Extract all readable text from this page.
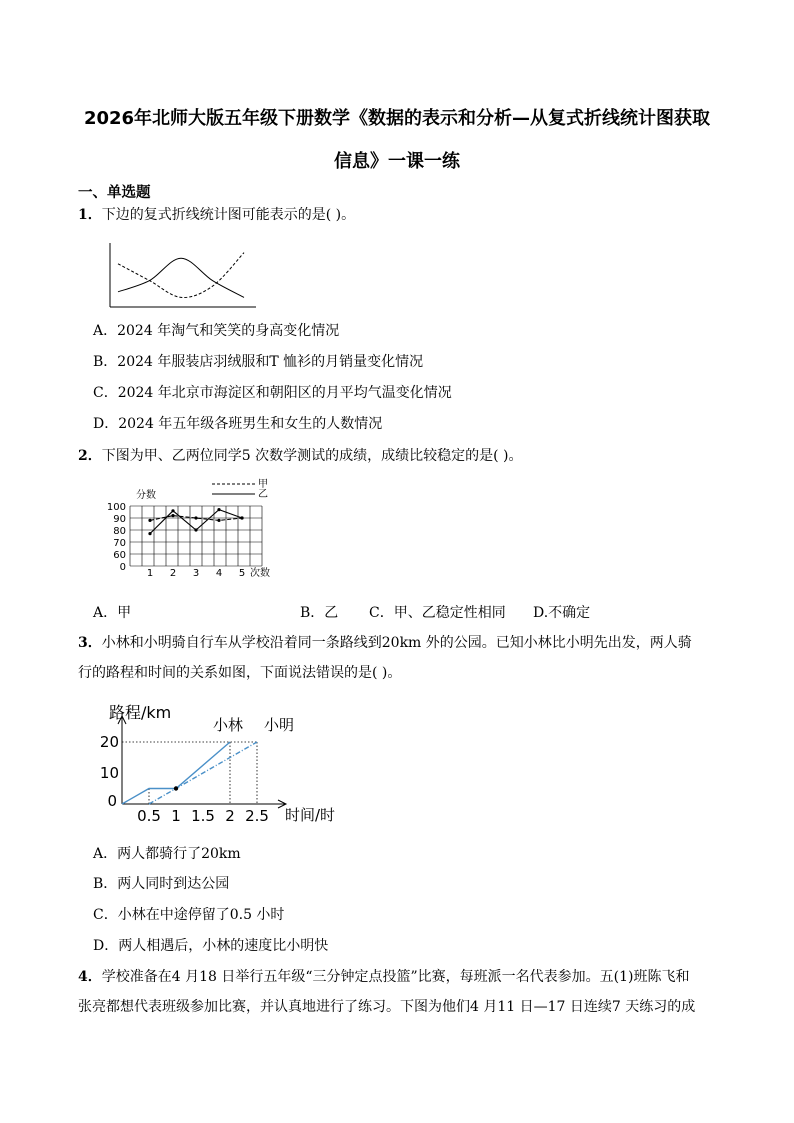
2026年北师大版五年级下册数学《数据的表示和分析—从复式折线统计图获取
信息》一课一练
一、单选题
1．下边的复式折线统计图可能表示的是( )。
A．2024 年淘气和笑笑的身高变化情况
B．2024 年服装店羽绒服和T 恤衫的月销量变化情况
C．2024 年北京市海淀区和朝阳区的月平均气温变化情况
D．2024 年五年级各班男生和女生的人数情况
2．下图为甲、乙两位同学5 次数学测试的成绩，成绩比较稳定的是( )。
100
90
80
70
60
0
分数
1 2 3 4 5 次数
甲
乙
A．甲	B．乙 C．甲、乙稳定性相同 D.不确定
3．小林和小明骑自行车从学校沿着同一条路线到20km 外的公园。已知小林比小明先出发，两人骑
行的路程和时间的关系如图，下面说法错误的是( )。
路程/km
时间/时
20
10
0
0.5 1 1.5 2 2.5
小林 小明
A．两人都骑行了20km
B．两人同时到达公园
C．小林在中途停留了0.5 小时
D．两人相遇后，小林的速度比小明快
4．学校准备在4 月18 日举行五年级“三分钟定点投篮”比赛，每班派一名代表参加。五(1)班陈飞和
张亮都想代表班级参加比赛，并认真地进行了练习。下图为他们4 月11 日—17 日连续7 天练习的成
